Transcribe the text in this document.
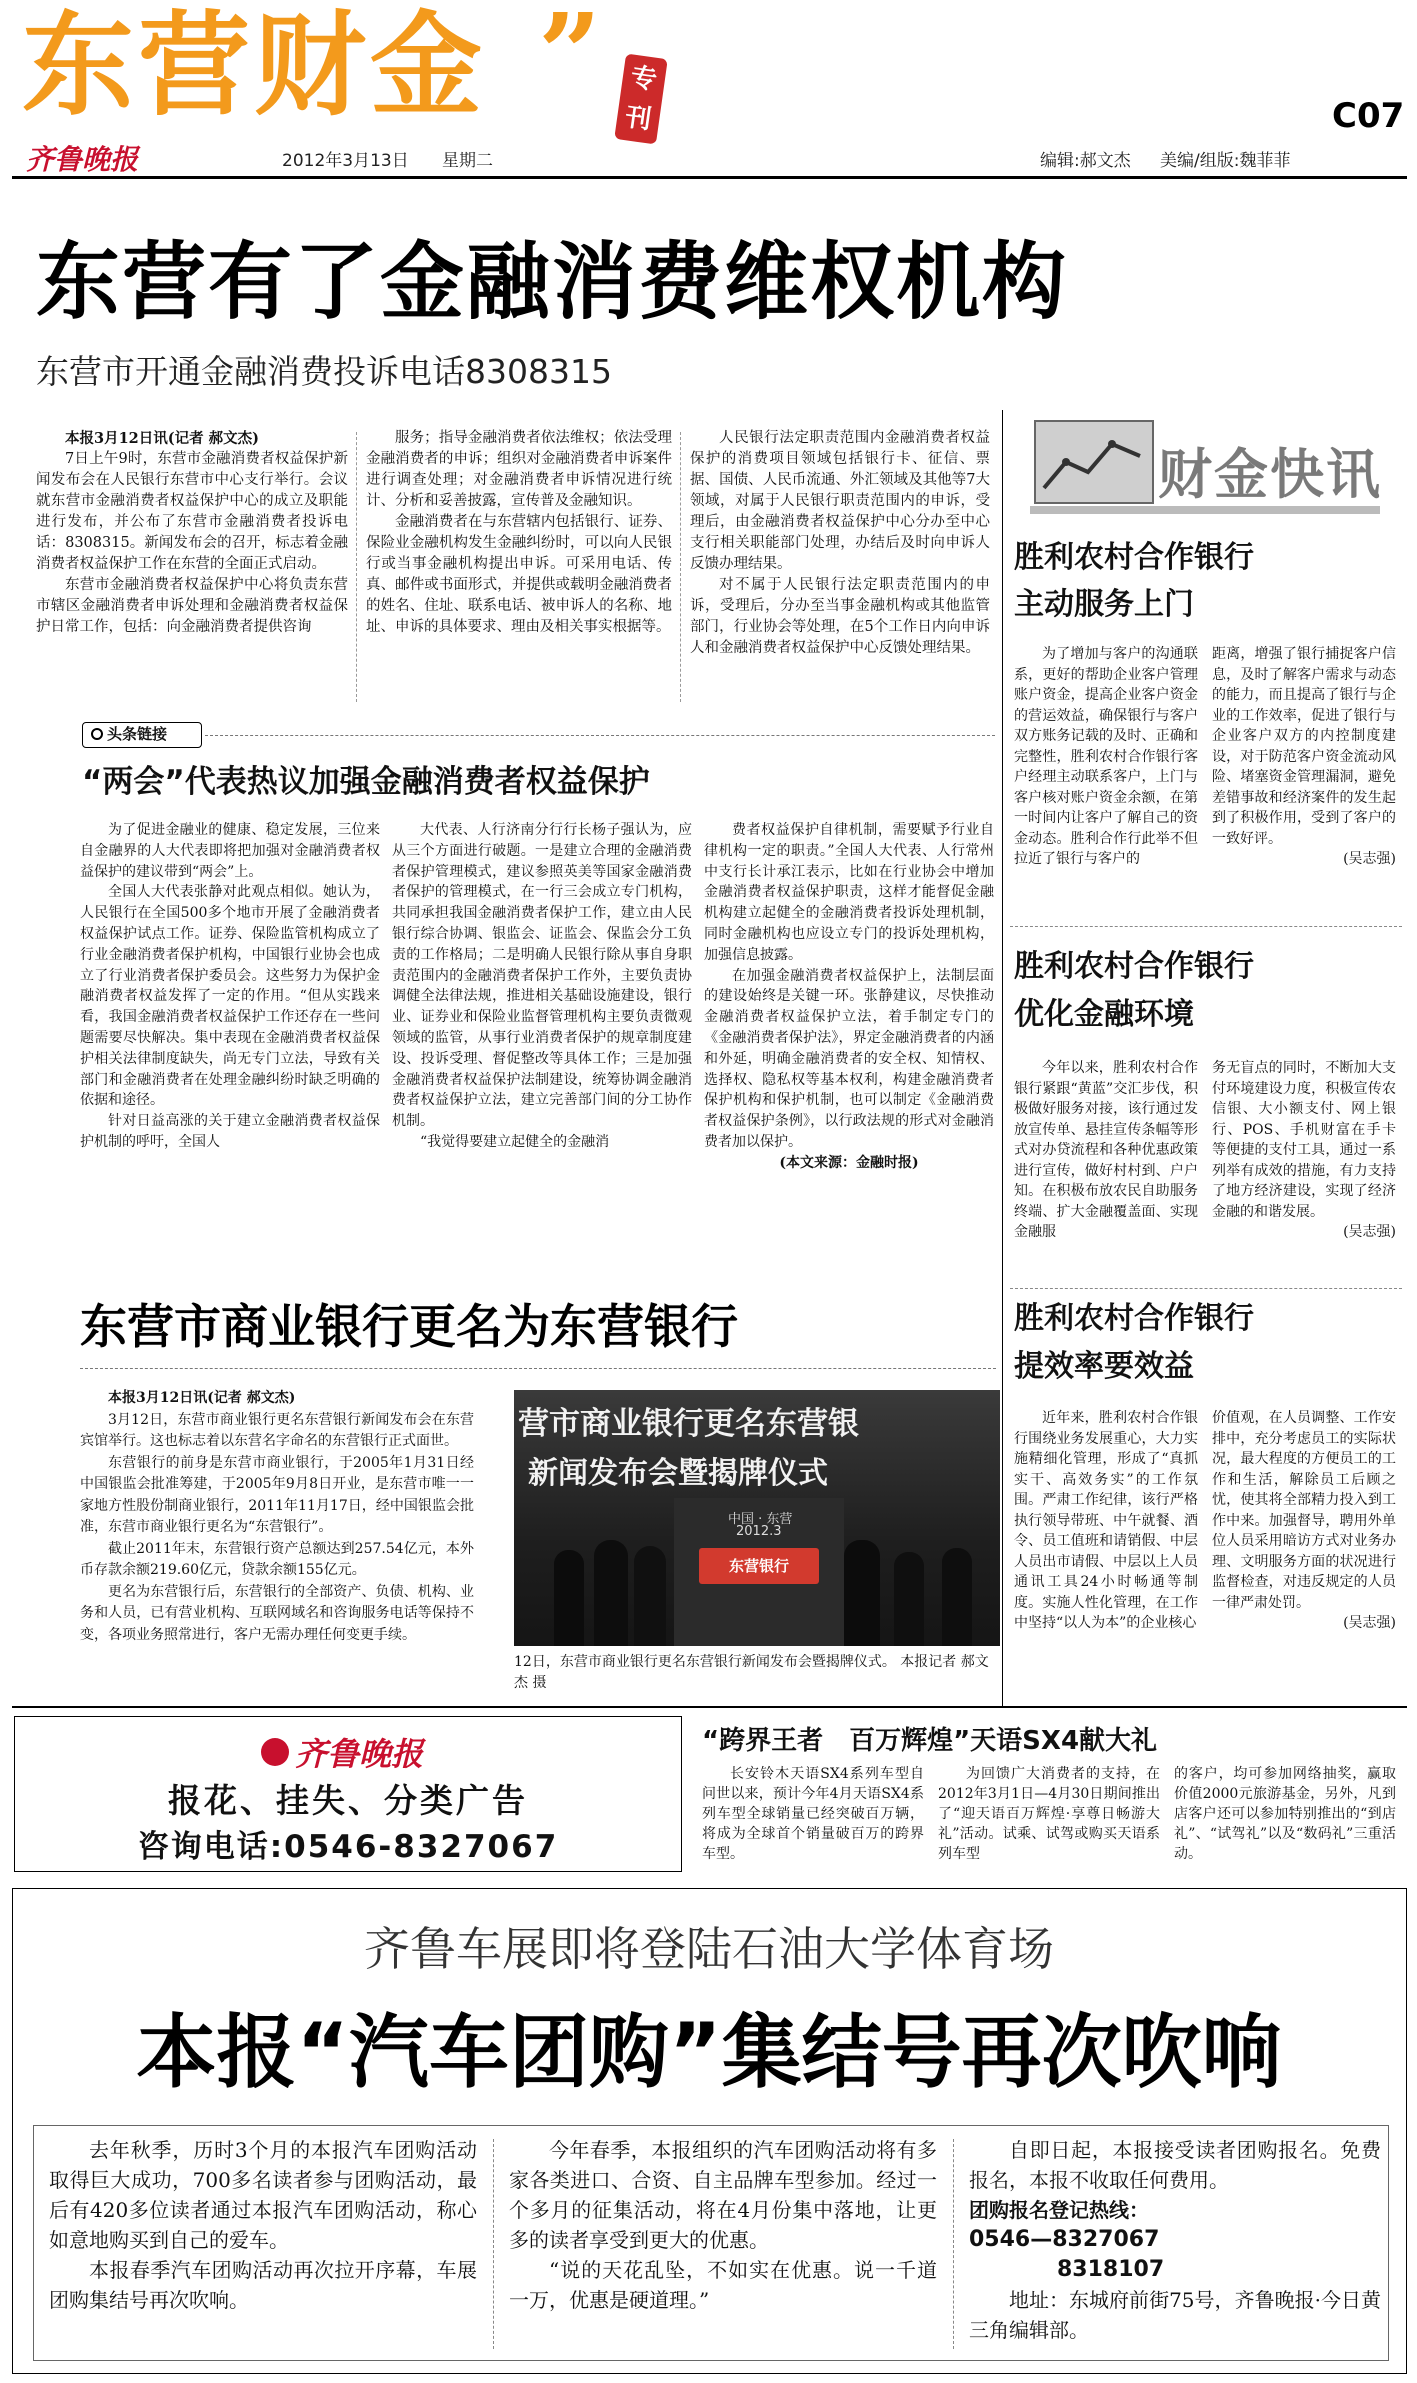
东营财金 ” 专刊
齐鲁晚报	2012年3月13日 星期二
C07
编辑:郝文杰 美编/组版:魏菲菲
东营有了金融消费维权机构
东营市开通金融消费投诉电话8308315

本报3月12日讯(记者 郝文杰)

7日上午9时，东营市金融消费者权益保护新闻发布会在人民银行东营市中心支行举行。会议就东营市金融消费者权益保护中心的成立及职能进行发布，并公布了东营市金融消费者投诉电话：8308315。新闻发布会的召开，标志着金融消费者权益保护工作在东营的全面正式启动。

东营市金融消费者权益保护中心将负责东营市辖区金融消费者申诉处理和金融消费者权益保护日常工作，包括：向金融消费者提供咨询

服务；指导金融消费者依法维权；依法受理金融消费者的申诉；组织对金融消费者申诉案件进行调查处理；对金融消费者申诉情况进行统计、分析和妥善披露，宣传普及金融知识。

金融消费者在与东营辖内包括银行、证券、保险业金融机构发生金融纠纷时，可以向人民银行或当事金融机构提出申诉。可采用电话、传真、邮件或书面形式，并提供或载明金融消费者的姓名、住址、联系电话、被申诉人的名称、地址、申诉的具体要求、理由及相关事实根据等。

人民银行法定职责范围内金融消费者权益保护的消费项目领域包括银行卡、征信、票据、国债、人民币流通、外汇领域及其他等7大领域，对属于人民银行职责范围内的申诉，受理后，由金融消费者权益保护中心分办至中心支行相关职能部门处理，办结后及时向申诉人反馈办理结果。

对不属于人民银行法定职责范围内的申诉，受理后，分办至当事金融机构或其他监管部门，行业协会等处理，在5个工作日内向申诉人和金融消费者权益保护中心反馈处理结果。

头条链接
“两会”代表热议加强金融消费者权益保护

为了促进金融业的健康、稳定发展，三位来自金融界的人大代表即将把加强对金融消费者权益保护的建议带到“两会”上。

全国人大代表张静对此观点相似。她认为，人民银行在全国500多个地市开展了金融消费者权益保护试点工作。证券、保险监管机构成立了行业金融消费者保护机构，中国银行业协会也成立了行业消费者保护委员会。这些努力为保护金融消费者权益发挥了一定的作用。“但从实践来看，我国金融消费者权益保护工作还存在一些问题需要尽快解决。集中表现在金融消费者权益保护相关法律制度缺失，尚无专门立法，导致有关部门和金融消费者在处理金融纠纷时缺乏明确的依据和途径。

针对日益高涨的关于建立金融消费者权益保护机制的呼吁，全国人

大代表、人行济南分行行长杨子强认为，应从三个方面进行破题。一是建立合理的金融消费者保护管理模式，建议参照英美等国家金融消费者保护的管理模式，在一行三会成立专门机构，共同承担我国金融消费者保护工作，建立由人民银行综合协调、银监会、证监会、保监会分工负责的工作格局；二是明确人民银行除从事自身职责范围内的金融消费者保护工作外，主要负责协调健全法律法规，推进相关基础设施建设，银行业、证券业和保险业监督管理机构主要负责微观领域的监管，从事行业消费者保护的规章制度建设、投诉受理、督促整改等具体工作；三是加强金融消费者权益保护法制建设，统筹协调金融消费者权益保护立法，建立完善部门间的分工协作机制。

“我觉得要建立起健全的金融消

费者权益保护自律机制，需要赋予行业自律机构一定的职责。”全国人大代表、人行常州中支行长计承江表示，比如在行业协会中增加金融消费者权益保护职责，这样才能督促金融机构建立起健全的金融消费者投诉处理机制，同时金融机构也应设立专门的投诉处理机构，加强信息披露。

在加强金融消费者权益保护上，法制层面的建设始终是关键一环。张静建议，尽快推动金融消费者权益保护立法，着手制定专门的《金融消费者保护法》，界定金融消费者的内涵和外延，明确金融消费者的安全权、知情权、选择权、隐私权等基本权利，构建金融消费者保护机构和保护机制，也可以制定《金融消费者权益保护条例》，以行政法规的形式对金融消费者加以保护。

(本文来源：金融时报)

东营市商业银行更名为东营银行

本报3月12日讯(记者 郝文杰)

3月12日，东营市商业银行更名东营银行新闻发布会在东营宾馆举行。这也标志着以东营名字命名的东营银行正式面世。

东营银行的前身是东营市商业银行，于2005年1月31日经中国银监会批准筹建，于2005年9月8日开业，是东营市唯一一家地方性股份制商业银行，2011年11月17日，经中国银监会批准，东营市商业银行更名为“东营银行”。

截止2011年末，东营银行资产总额达到257.54亿元，本外币存款余额219.60亿元，贷款余额155亿元。

更名为东营银行后，东营银行的全部资产、负债、机构、业务和人员，已有营业机构、互联网域名和咨询服务电话等保持不变，各项业务照常进行，客户无需办理任何变更手续。

营市商业银行更名东营银
新闻发布会暨揭牌仪式
中国 · 东营
2012.3
东营银行
12日，东营市商业银行更名东营银行新闻发布会暨揭牌仪式。 本报记者 郝文杰 摄
财金快讯
胜利农村合作银行
主动服务上门

为了增加与客户的沟通联系，更好的帮助企业客户管理账户资金，提高企业客户资金的营运效益，确保银行与客户双方账务记载的及时、正确和完整性，胜利农村合作银行客户经理主动联系客户，上门与客户核对账户资金余额，在第一时间内让客户了解自己的资金动态。胜利合作行此举不但拉近了银行与客户的

距离，增强了银行捕捉客户信息，及时了解客户需求与动态的能力，而且提高了银行与企业的工作效率，促进了银行与企业客户双方的内控制度建设，对于防范客户资金流动风险、堵塞资金管理漏洞，避免差错事故和经济案件的发生起到了积极作用，受到了客户的一致好评。

(吴志强)
胜利农村合作银行
优化金融环境

今年以来，胜利农村合作银行紧跟“黄蓝”交汇步伐，积极做好服务对接，该行通过发放宣传单、悬挂宣传条幅等形式对办贷流程和各种优惠政策进行宣传，做好村村到、户户知。在积极布放农民自助服务终端、扩大金融覆盖面、实现金融服

务无盲点的同时，不断加大支付环境建设力度，积极宣传农信银、大小额支付、网上银行、POS、手机财富在手卡等便捷的支付工具，通过一系列举有成效的措施，有力支持了地方经济建设，实现了经济金融的和谐发展。

(吴志强)
胜利农村合作银行
提效率要效益

近年来，胜利农村合作银行围绕业务发展重心，大力实施精细化管理，形成了“真抓实干、高效务实”的工作氛围。严肃工作纪律，该行严格执行领导带班、中午就餐、酒令、员工值班和请销假、中层人员出市请假、中层以上人员通讯工具24小时畅通等制度。实施人性化管理，在工作中坚持“以人为本”的企业核心

价值观，在人员调整、工作安排中，充分考虑员工的实际状况，最大程度的方便员工的工作和生活，解除员工后顾之忧，使其将全部精力投入到工作中来。加强督导，聘用外单位人员采用暗访方式对业务办理、文明服务方面的状况进行监督检查，对违反规定的人员一律严肃处罚。

(吴志强)
齐鲁晚报
报花、挂失、分类广告
咨询电话:0546-8327067
“跨界王者　百万辉煌”天语SX4献大礼

长安铃木天语SX4系列车型自问世以来，预计今年4月天语SX4系列车型全球销量已经突破百万辆，将成为全球首个销量破百万的跨界车型。

为回馈广大消费者的支持，在2012年3月1日—4月30日期间推出了“迎天语百万辉煌·享尊日畅游大礼”活动。试乘、试驾或购买天语系列车型

的客户，均可参加网络抽奖，赢取价值2000元旅游基金，另外，凡到店客户还可以参加特别推出的“到店礼”、“试驾礼”以及“数码礼”三重活动。

齐鲁车展即将登陆石油大学体育场
本报“汽车团购”集结号再次吹响

去年秋季，历时3个月的本报汽车团购活动取得巨大成功，700多名读者参与团购活动，最后有420多位读者通过本报汽车团购活动，称心如意地购买到自己的爱车。

本报春季汽车团购活动再次拉开序幕，车展团购集结号再次吹响。

今年春季，本报组织的汽车团购活动将有多家各类进口、合资、自主品牌车型参加。经过一个多月的征集活动，将在4月份集中落地，让更多的读者享受到更大的优惠。

“说的天花乱坠，不如实在优惠。说一千道一万，优惠是硬道理。”

自即日起，本报接受读者团购报名。免费报名，本报不收取任何费用。

团购报名登记热线：

0546—8327067

8318107

地址：东城府前街75号，齐鲁晚报·今日黄三角编辑部。
